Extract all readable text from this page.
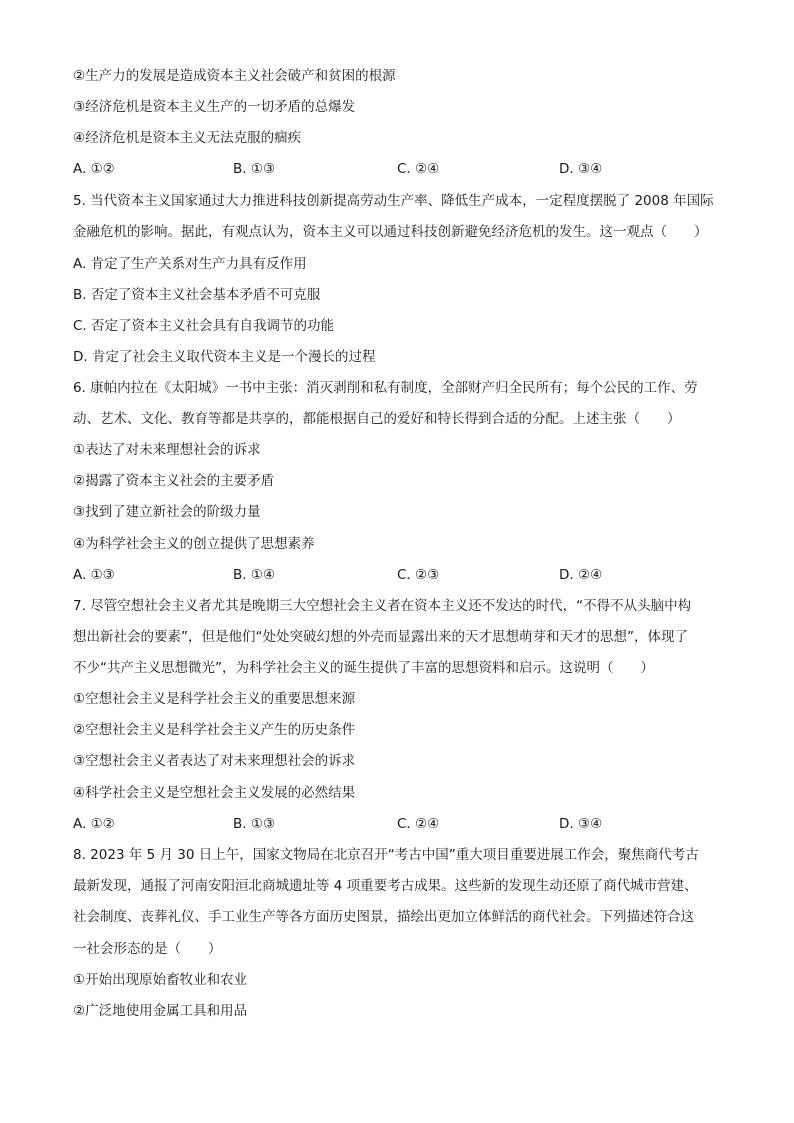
②生产力的发展是造成资本主义社会破产和贫困的根源
③经济危机是资本主义生产的一切矛盾的总爆发
④经济危机是资本主义无法克服的痼疾
A. ①②	B. ①③	C. ②④	D. ③④
5. 当代资本主义国家通过大力推进科技创新提高劳动生产率、降低生产成本，一定程度摆脱了 2008 年国际
金融危机的影响。据此，有观点认为，资本主义可以通过科技创新避免经济危机的发生。这一观点（　　）
A. 肯定了生产关系对生产力具有反作用
B. 否定了资本主义社会基本矛盾不可克服
C. 否定了资本主义社会具有自我调节的功能
D. 肯定了社会主义取代资本主义是一个漫长的过程
6. 康帕内拉在《太阳城》一书中主张：消灭剥削和私有制度，全部财产归全民所有；每个公民的工作、劳
动、艺术、文化、教育等都是共享的，都能根据自己的爱好和特长得到合适的分配。上述主张（　　）
①表达了对未来理想社会的诉求
②揭露了资本主义社会的主要矛盾
③找到了建立新社会的阶级力量
④为科学社会主义的创立提供了思想素养
A. ①③	B. ①④	C. ②③	D. ②④
7. 尽管空想社会主义者尤其是晚期三大空想社会主义者在资本主义还不发达的时代，“不得不从头脑中构
想出新社会的要素”，但是他们“处处突破幻想的外壳而显露出来的天才思想萌芽和天才的思想”，体现了
不少“共产主义思想微光”，为科学社会主义的诞生提供了丰富的思想资料和启示。这说明（　　）
①空想社会主义是科学社会主义的重要思想来源
②空想社会主义是科学社会主义产生的历史条件
③空想社会主义者表达了对未来理想社会的诉求
④科学社会主义是空想社会主义发展的必然结果
A. ①②	B. ①③	C. ②④	D. ③④
8. 2023 年 5 月 30 日上午，国家文物局在北京召开“考古中国”重大项目重要进展工作会，聚焦商代考古
最新发现，通报了河南安阳洹北商城遗址等 4 项重要考古成果。这些新的发现生动还原了商代城市营建、
社会制度、丧葬礼仪、手工业生产等各方面历史图景，描绘出更加立体鲜活的商代社会。下列描述符合这
一社会形态的是（　　）
①开始出现原始畜牧业和农业
②广泛地使用金属工具和用品
